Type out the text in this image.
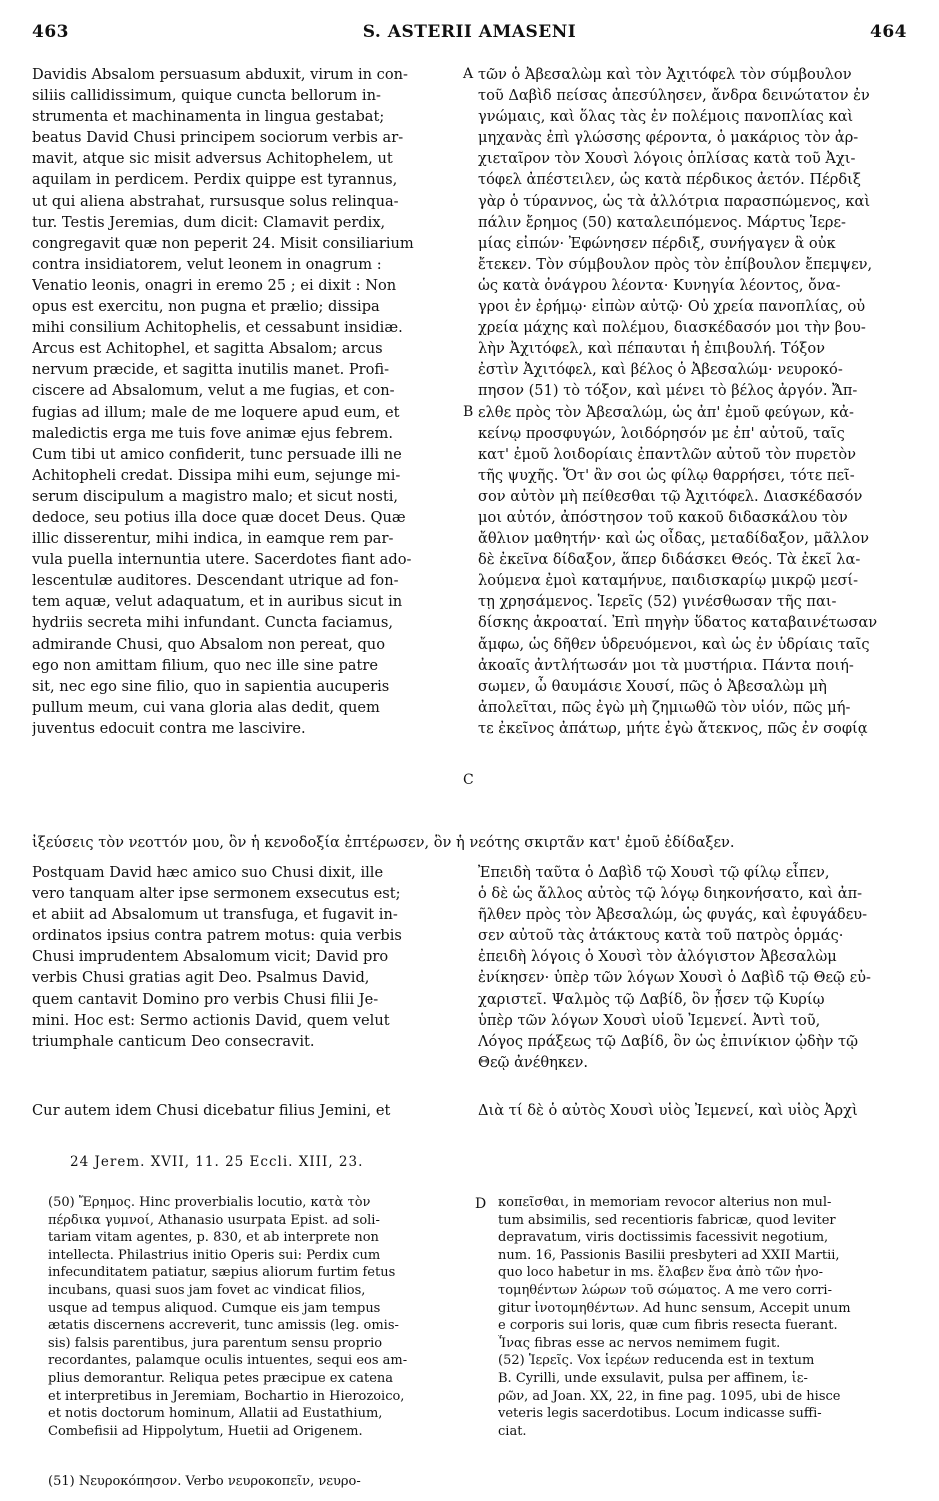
463	S. ASTERII AMASENI	464
Davidis Absalom persuasum abduxit, virum in con-
siliis callidissimum, quique cuncta bellorum in-
strumenta et machinamenta in lingua gestabat;
beatus David Chusi principem sociorum verbis ar-
mavit, atque sic misit adversus Achitophelem, ut
aquilam in perdicem. Perdix quippe est tyrannus,
ut qui aliena abstrahat, rursusque solus relinqua-
tur. Testis Jeremias, dum dicit: Clamavit perdix,
congregavit quæ non peperit 24. Misit consiliarium
contra insidiatorem, velut leonem in onagrum :
Venatio leonis, onagri in eremo 25 ; ei dixit : Non
opus est exercitu, non pugna et prælio; dissipa
mihi consilium Achitophelis, et cessabunt insidiæ.
Arcus est Achitophel, et sagitta Absalom; arcus
nervum præcide, et sagitta inutilis manet. Profi-
ciscere ad Absalomum, velut a me fugias, et con-
fugias ad illum; male de me loquere apud eum, et
maledictis erga me tuis fove animæ ejus febrem.
Cum tibi ut amico confiderit, tunc persuade illi ne
Achitopheli credat. Dissipa mihi eum, sejunge mi-
serum discipulum a magistro malo; et sicut nosti,
dedoce, seu potius illa doce quæ docet Deus. Quæ
illic disserentur, mihi indica, in eamque rem par-
vula puella internuntia utere. Sacerdotes fiant ado-
lescentulæ auditores. Descendant utrique ad fon-
tem aquæ, velut adaquatum, et in auribus sicut in
hydriis secreta mihi infundant. Cuncta faciamus,
admirande Chusi, quo Absalom non pereat, quo
ego non amittam filium, quo nec ille sine patre
sit, nec ego sine filio, quo in sapientia aucuperis
pullum meum, cui vana gloria alas dedit, quem
juventus edocuit contra me lascivire.
τῶν ὁ Ἀβεσαλὼμ καὶ τὸν Ἀχιτόφελ τὸν σύμβουλον
τοῦ Δαβὶδ πείσας ἀπεσύλησεν, ἄνδρα δεινώτατον ἐν
γνώμαις, καὶ ὅλας τὰς ἐν πολέμοις πανοπλίας καὶ
μηχανὰς ἐπὶ γλώσσης φέροντα, ὁ μακάριος τὸν ἀρ-
χιεταῖρον τὸν Χουσὶ λόγοις ὁπλίσας κατὰ τοῦ Ἀχι-
τόφελ ἀπέστειλεν, ὡς κατὰ πέρδικος ἀετόν. Πέρδιξ
γὰρ ὁ τύραννος, ὡς τὰ ἀλλότρια παρασπώμενος, καὶ
πάλιν ἔρημος (50) καταλειπόμενος. Μάρτυς Ἱερε-
μίας εἰπών· Ἐφώνησεν πέρδιξ, συνήγαγεν ἃ οὐκ
ἔτεκεν. Τὸν σύμβουλον πρὸς τὸν ἐπίβουλον ἔπεμψεν,
ὡς κατὰ ὀνάγρου λέοντα· Κυνηγία λέοντος, ὄνα-
γροι ἐν ἐρήμῳ· εἰπὼν αὐτῷ· Οὐ χρεία πανοπλίας, οὐ
χρεία μάχης καὶ πολέμου, διασκέδασόν μοι τὴν βου-
λὴν Ἀχιτόφελ, καὶ πέπαυται ἡ ἐπιβουλή. Τόξον
ἐστὶν Ἀχιτόφελ, καὶ βέλος ὁ Ἀβεσαλώμ· νευροκό-
πησον (51) τὸ τόξον, καὶ μένει τὸ βέλος ἀργόν. Ἄπ-
ελθε πρὸς τὸν Ἀβεσαλώμ, ὡς ἀπ' ἐμοῦ φεύγων, κἀ-
κείνῳ προσφυγών, λοιδόρησόν με ἐπ' αὐτοῦ, ταῖς
κατ' ἐμοῦ λοιδορίαις ἐπαντλῶν αὐτοῦ τὸν πυρετὸν
τῆς ψυχῆς. Ὅτ' ἂν σοι ὡς φίλῳ θαρρήσει, τότε πεῖ-
σον αὐτὸν μὴ πείθεσθαι τῷ Ἀχιτόφελ. Διασκέδασόν
μοι αὐτόν, ἀπόστησον τοῦ κακοῦ διδασκάλου τὸν
ἄθλιον μαθητήν· καὶ ὡς οἶδας, μεταδίδαξον, μᾶλλον
δὲ ἐκεῖνα δίδαξον, ἅπερ διδάσκει Θεός. Τὰ ἐκεῖ λα-
λούμενα ἐμοὶ καταμήνυε, παιδισκαρίῳ μικρῷ μεσί-
τῃ χρησάμενος. Ἱερεῖς (52) γινέσθωσαν τῆς παι-
δίσκης ἀκροαταί. Ἐπὶ πηγὴν ὕδατος καταβαινέτωσαν
ἄμφω, ὡς δῆθεν ὑδρευόμενοι, καὶ ὡς ἐν ὑδρίαις ταῖς
ἀκοαῖς ἀντλήτωσάν μοι τὰ μυστήρια. Πάντα ποιή-
σωμεν, ὦ θαυμάσιε Χουσί, πῶς ὁ Ἀβεσαλὼμ μὴ
ἀπολεῖται, πῶς ἐγὼ μὴ ζημιωθῶ τὸν υἱόν, πῶς μή-
τε ἐκεῖνος ἀπάτωρ, μήτε ἐγὼ ἄτεκνος, πῶς ἐν σοφίᾳ
A
B
C
D
ἰξεύσεις τὸν νεοττόν μου, ὃν ἡ κενοδοξία ἐπτέρωσεν, ὃν ἡ νεότης σκιρτᾶν κατ' ἐμοῦ ἐδίδαξεν.
Postquam David hæc amico suo Chusi dixit, ille
vero tanquam alter ipse sermonem exsecutus est;
et abiit ad Absalomum ut transfuga, et fugavit in-
ordinatos ipsius contra patrem motus: quia verbis
Chusi imprudentem Absalomum vicit; David pro
verbis Chusi gratias agit Deo. Psalmus David,
quem cantavit Domino pro verbis Chusi filii Je-
mini. Hoc est: Sermo actionis David, quem velut
triumphale canticum Deo consecravit.
Ἐπειδὴ ταῦτα ὁ Δαβὶδ τῷ Χουσὶ τῷ φίλῳ εἶπεν,
ὁ δὲ ὡς ἄλλος αὐτὸς τῷ λόγῳ διηκονήσατο, καὶ ἀπ-
ῆλθεν πρὸς τὸν Ἀβεσαλώμ, ὡς φυγάς, καὶ ἐφυγάδευ-
σεν αὐτοῦ τὰς ἀτάκτους κατὰ τοῦ πατρὸς ὁρμάς·
ἐπειδὴ λόγοις ὁ Χουσὶ τὸν ἀλόγιστον Ἀβεσαλὼμ
ἐνίκησεν· ὑπὲρ τῶν λόγων Χουσὶ ὁ Δαβὶδ τῷ Θεῷ εὐ-
χαριστεῖ. Ψαλμὸς τῷ Δαβίδ, ὃν ᾖσεν τῷ Κυρίῳ
ὑπὲρ τῶν λόγων Χουσὶ υἱοῦ Ἰεμενεί. Ἀντὶ τοῦ,
Λόγος πράξεως τῷ Δαβίδ, ὃν ὡς ἐπινίκιον ᾠδὴν τῷ
Θεῷ ἀνέθηκεν.
Cur autem idem Chusi dicebatur filius Jemini, et	Διὰ τί δὲ ὁ αὐτὸς Χουσὶ υἱὸς Ἰεμενεί, καὶ υἱὸς Ἀρχὶ
24 Jerem. XVII, 11. 25 Eccli. XIII, 23.
(50) Ἔρημος. Hinc proverbialis locutio, κατὰ τὸν
πέρδικα γυμνοί, Athanasio usurpata Epist. ad soli-
tariam vitam agentes, p. 830, et ab interprete non
intellecta. Philastrius initio Operis sui: Perdix cum
infecunditatem patiatur, sæpius aliorum furtim fetus
incubans, quasi suos jam fovet ac vindicat filios,
usque ad tempus aliquod. Cumque eis jam tempus
ætatis discernens accreverit, tunc amissis (leg. omis-
sis) falsis parentibus, jura parentum sensu proprio
recordantes, palamque oculis intuentes, sequi eos am-
plius demorantur. Reliqua petes præcipue ex catena
et interpretibus in Jeremiam, Bochartio in Hierozoico,
et notis doctorum hominum, Allatii ad Eustathium,
Combefisii ad Hippolytum, Huetii ad Origenem.
κοπεῖσθαι, in memoriam revocor alterius non mul-
tum absimilis, sed recentioris fabricæ, quod leviter
depravatum, viris doctissimis facessivit negotium,
num. 16, Passionis Basilii presbyteri ad XXII Martii,
quo loco habetur in ms. ἔλαβεν ἕνα ἀπὸ τῶν ἠνο-
τομηθέντων λώρων τοῦ σώματος. A me vero corri-
gitur ἰνοτομηθέντων. Ad hunc sensum, Accepit unum
e corporis sui loris, quæ cum fibris resecta fuerant.
Ἶνας fibras esse ac nervos nemimem fugit.
(52) Ἱερεῖς. Vox ἱερέων reducenda est in textum
B. Cyrilli, unde exsulavit, pulsa per affinem, ἱε-
ρῶν, ad Joan. XX, 22, in fine pag. 1095, ubi de hisce
veteris legis sacerdotibus. Locum indicasse suffi-
ciat.
(51) Νευροκόπησον. Verbo νευροκοπεῖν, νευρο-
